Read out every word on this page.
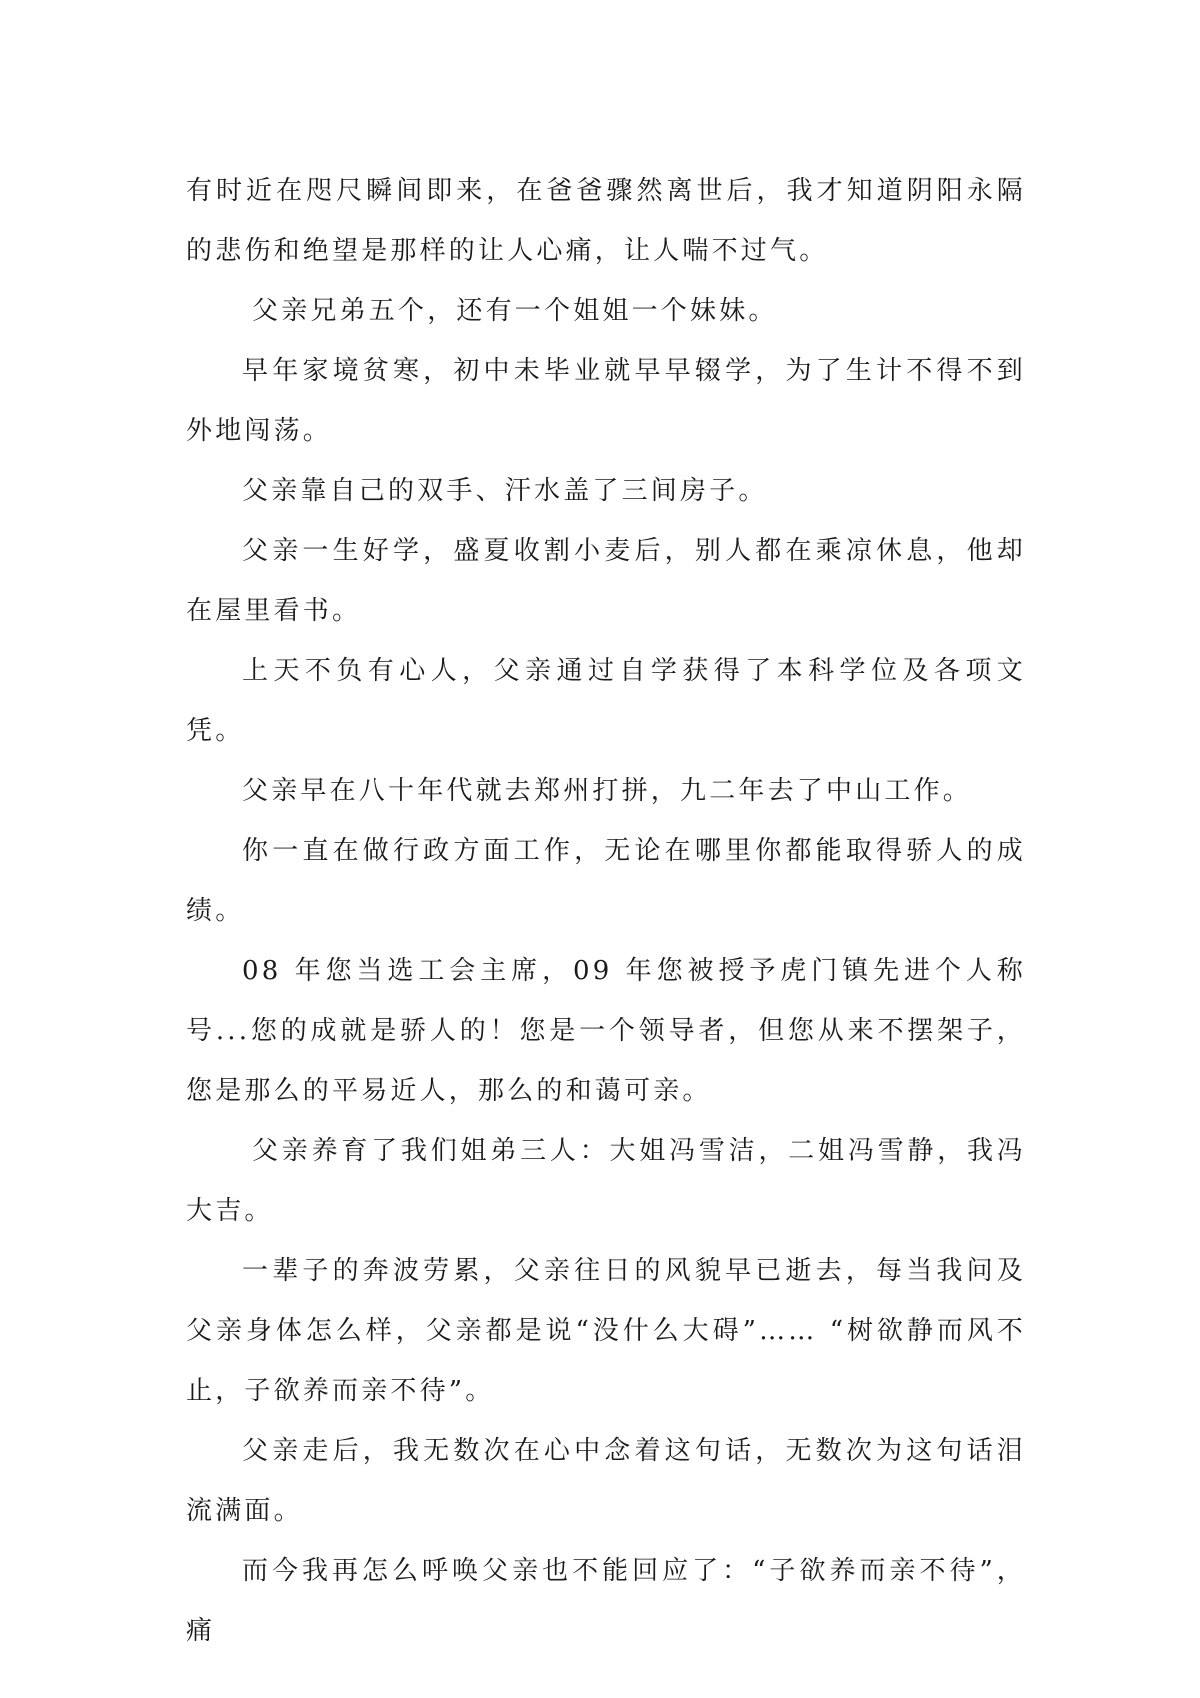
有时近在咫尺瞬间即来，在爸爸骤然离世后，我才知道阴阳永隔的悲伤和绝望是那样的让人心痛，让人喘不过气。

父亲兄弟五个，还有一个姐姐一个妹妹。

早年家境贫寒，初中未毕业就早早辍学，为了生计不得不到外地闯荡。

父亲靠自己的双手、汗水盖了三间房子。

父亲一生好学，盛夏收割小麦后，别人都在乘凉休息，他却在屋里看书。

上天不负有心人，父亲通过自学获得了本科学位及各项文凭。

父亲早在八十年代就去郑州打拼，九二年去了中山工作。

你一直在做行政方面工作，无论在哪里你都能取得骄人的成绩。

08 年您当选工会主席，09 年您被授予虎门镇先进个人称号...您的成就是骄人的！您是一个领导者，但您从来不摆架子，您是那么的平易近人，那么的和蔼可亲。

父亲养育了我们姐弟三人：大姐冯雪洁，二姐冯雪静，我冯大吉。

一辈子的奔波劳累，父亲往日的风貌早已逝去，每当我问及父亲身体怎么样，父亲都是说“没什么大碍”…… “树欲静而风不止，子欲养而亲不待”。

父亲走后，我无数次在心中念着这句话，无数次为这句话泪流满面。

而今我再怎么呼唤父亲也不能回应了：“子欲养而亲不待”，痛
